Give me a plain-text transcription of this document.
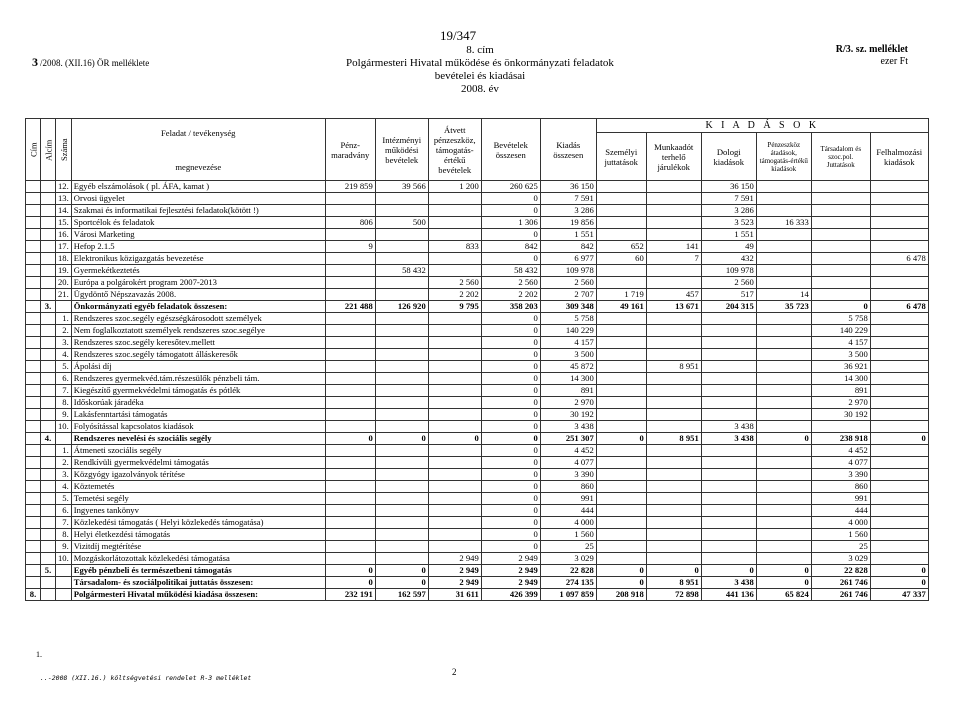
3 /2008. (XII.16) ÖR melléklete
19/347
8. cím
Polgármesteri Hivatal működése és önkormányzati feladatok
bevételei és kiadásai
2008. év
R/3. sz. melléklet
ezer Ft
Cím	Alcím	Száma	Feladat / tevékenység
megnevezése	Pénz-maradvány	Intézményi működési bevételek	Átvett pénzeszköz, támogatás-értékű bevételek	Bevételek összesen	Kiadás összesen	K I A D Á S O K					
									Személyi juttatások	Munkaadót terhelő járulékok	Dologi kiadások	Pénzeszköz átadások, támogatás-értékű kiadások	Társadalom és szoc.pol. Juttatások	Felhalmozási kiadások
		12.	Egyéb elszámolások ( pl. ÁFA, kamat )	219 859	39 566	1 200	260 625	36 150			36 150			
		13.	Orvosi ügyelet				0	7 591			7 591			
		14.	Szakmai és informatikai fejlesztési feladatok(kötött !)				0	3 286			3 286			
		15.	Sportcélok és feladatok	806	500		1 306	19 856			3 523	16 333		
		16.	Városi Marketing				0	1 551			1 551			
		17.	Hefop 2.1.5	9		833	842	842	652	141	49			
		18.	Elektronikus közigazgatás bevezetése				0	6 977	60	7	432			6 478
		19.	Gyermekétkeztetés		58 432		58 432	109 978			109 978			
		20.	Európa a polgárokért program 2007-2013			2 560	2 560	2 560			2 560			
		21.	Ügydöntő Népszavazás 2008.			2 202	2 202	2 707	1 719	457	517	14		
	3.		Önkormányzati egyéb feladatok összesen:	221 488	126 920	9 795	358 203	309 348	49 161	13 671	204 315	35 723	0	6 478
		1.	Rendszeres szoc.segély egészségkárosodott személyek				0	5 758					5 758	
		2.	Nem foglalkoztatott személyek rendszeres szoc.segélye				0	140 229					140 229	
		3.	Rendszeres szoc.segély keresőtev.mellett				0	4 157					4 157	
		4.	Rendszeres szoc.segély támogatott álláskeresők				0	3 500					3 500	
		5.	Ápolási díj				0	45 872		8 951			36 921	
		6.	Rendszeres gyermekvéd.tám.részesülők pénzbeli tám.				0	14 300					14 300	
		7.	Kiegészítő gyermekvédelmi támogatás és pótlék				0	891					891	
		8.	Időskorúak járadéka				0	2 970					2 970	
		9.	Lakásfenntartási támogatás				0	30 192					30 192	
		10.	Folyósítással kapcsolatos kiadások				0	3 438			3 438			
	4.		Rendszeres nevelési és szociális segély	0	0	0	0	251 307	0	8 951	3 438	0	238 918	0
		1.	Átmeneti szociális segély				0	4 452					4 452	
		2.	Rendkívüli gyermekvédelmi támogatás				0	4 077					4 077	
		3.	Közgyógy igazolványok térítése				0	3 390					3 390	
		4.	Köztemetés				0	860					860	
		5.	Temetési segély				0	991					991	
		6.	Ingyenes tankönyv				0	444					444	
		7.	Közlekedési támogatás ( Helyi közlekedés támogatása)				0	4 000					4 000	
		8.	Helyi életkezdési támogatás				0	1 560					1 560	
		9.	Vizitdíj megtérítése				0	25					25	
		10.	Mozgáskorlátozottak közlekedési támogatása			2 949	2 949	3 029					3 029	
	5.		Egyéb pénzbeli és természetbeni támogatás	0	0	2 949	2 949	22 828	0	0	0	0	22 828	0
			Társadalom- és szociálpolitikai juttatás összesen:	0	0	2 949	2 949	274 135	0	8 951	3 438	0	261 746	0
8.			Polgármesteri Hivatal működési kiadása összesen:	232 191	162 597	31 611	426 399	1 097 859	208 918	72 898	441 136	65 824	261 746	47 337
1.
2
..-2008 (XII.16.) költségvetési rendelet R-3 melléklet
